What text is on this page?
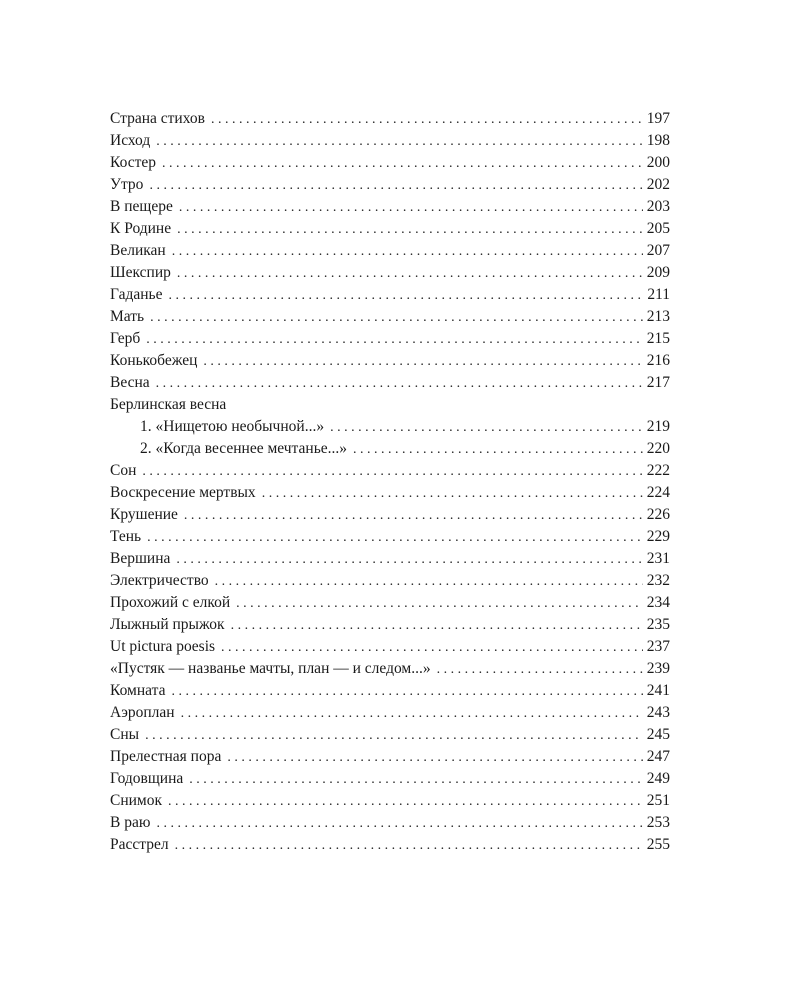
Страна стихов . . .	197
Исход . . .	198
Костер . . .	200
Утро . . .	202
В пещере . . .	203
К Родине . . .	205
Великан . . .	207
Шекспир . . .	209
Гаданье . . .	211
Мать . . .	213
Герб . . .	215
Конькобежец . . .	216
Весна . . .	217
Берлинская весна
1. «Нищетою необычной...» . . .	219
2. «Когда весеннее мечтанье...» . . .	220
Сон . . .	222
Воскресение мертвых . . .	224
Крушение . . .	226
Тень . . .	229
Вершина . . .	231
Электричество . . .	232
Прохожий с елкой . . .	234
Лыжный прыжок . . .	235
Ut pictura poesis . . .	237
«Пустяк — названье мачты, план — и следом...» . . .	239
Комната . . .	241
Аэроплан . . .	243
Сны . . .	245
Прелестная пора . . .	247
Годовщина . . .	249
Снимок . . .	251
В раю . . .	253
Расстрел . . .	255
